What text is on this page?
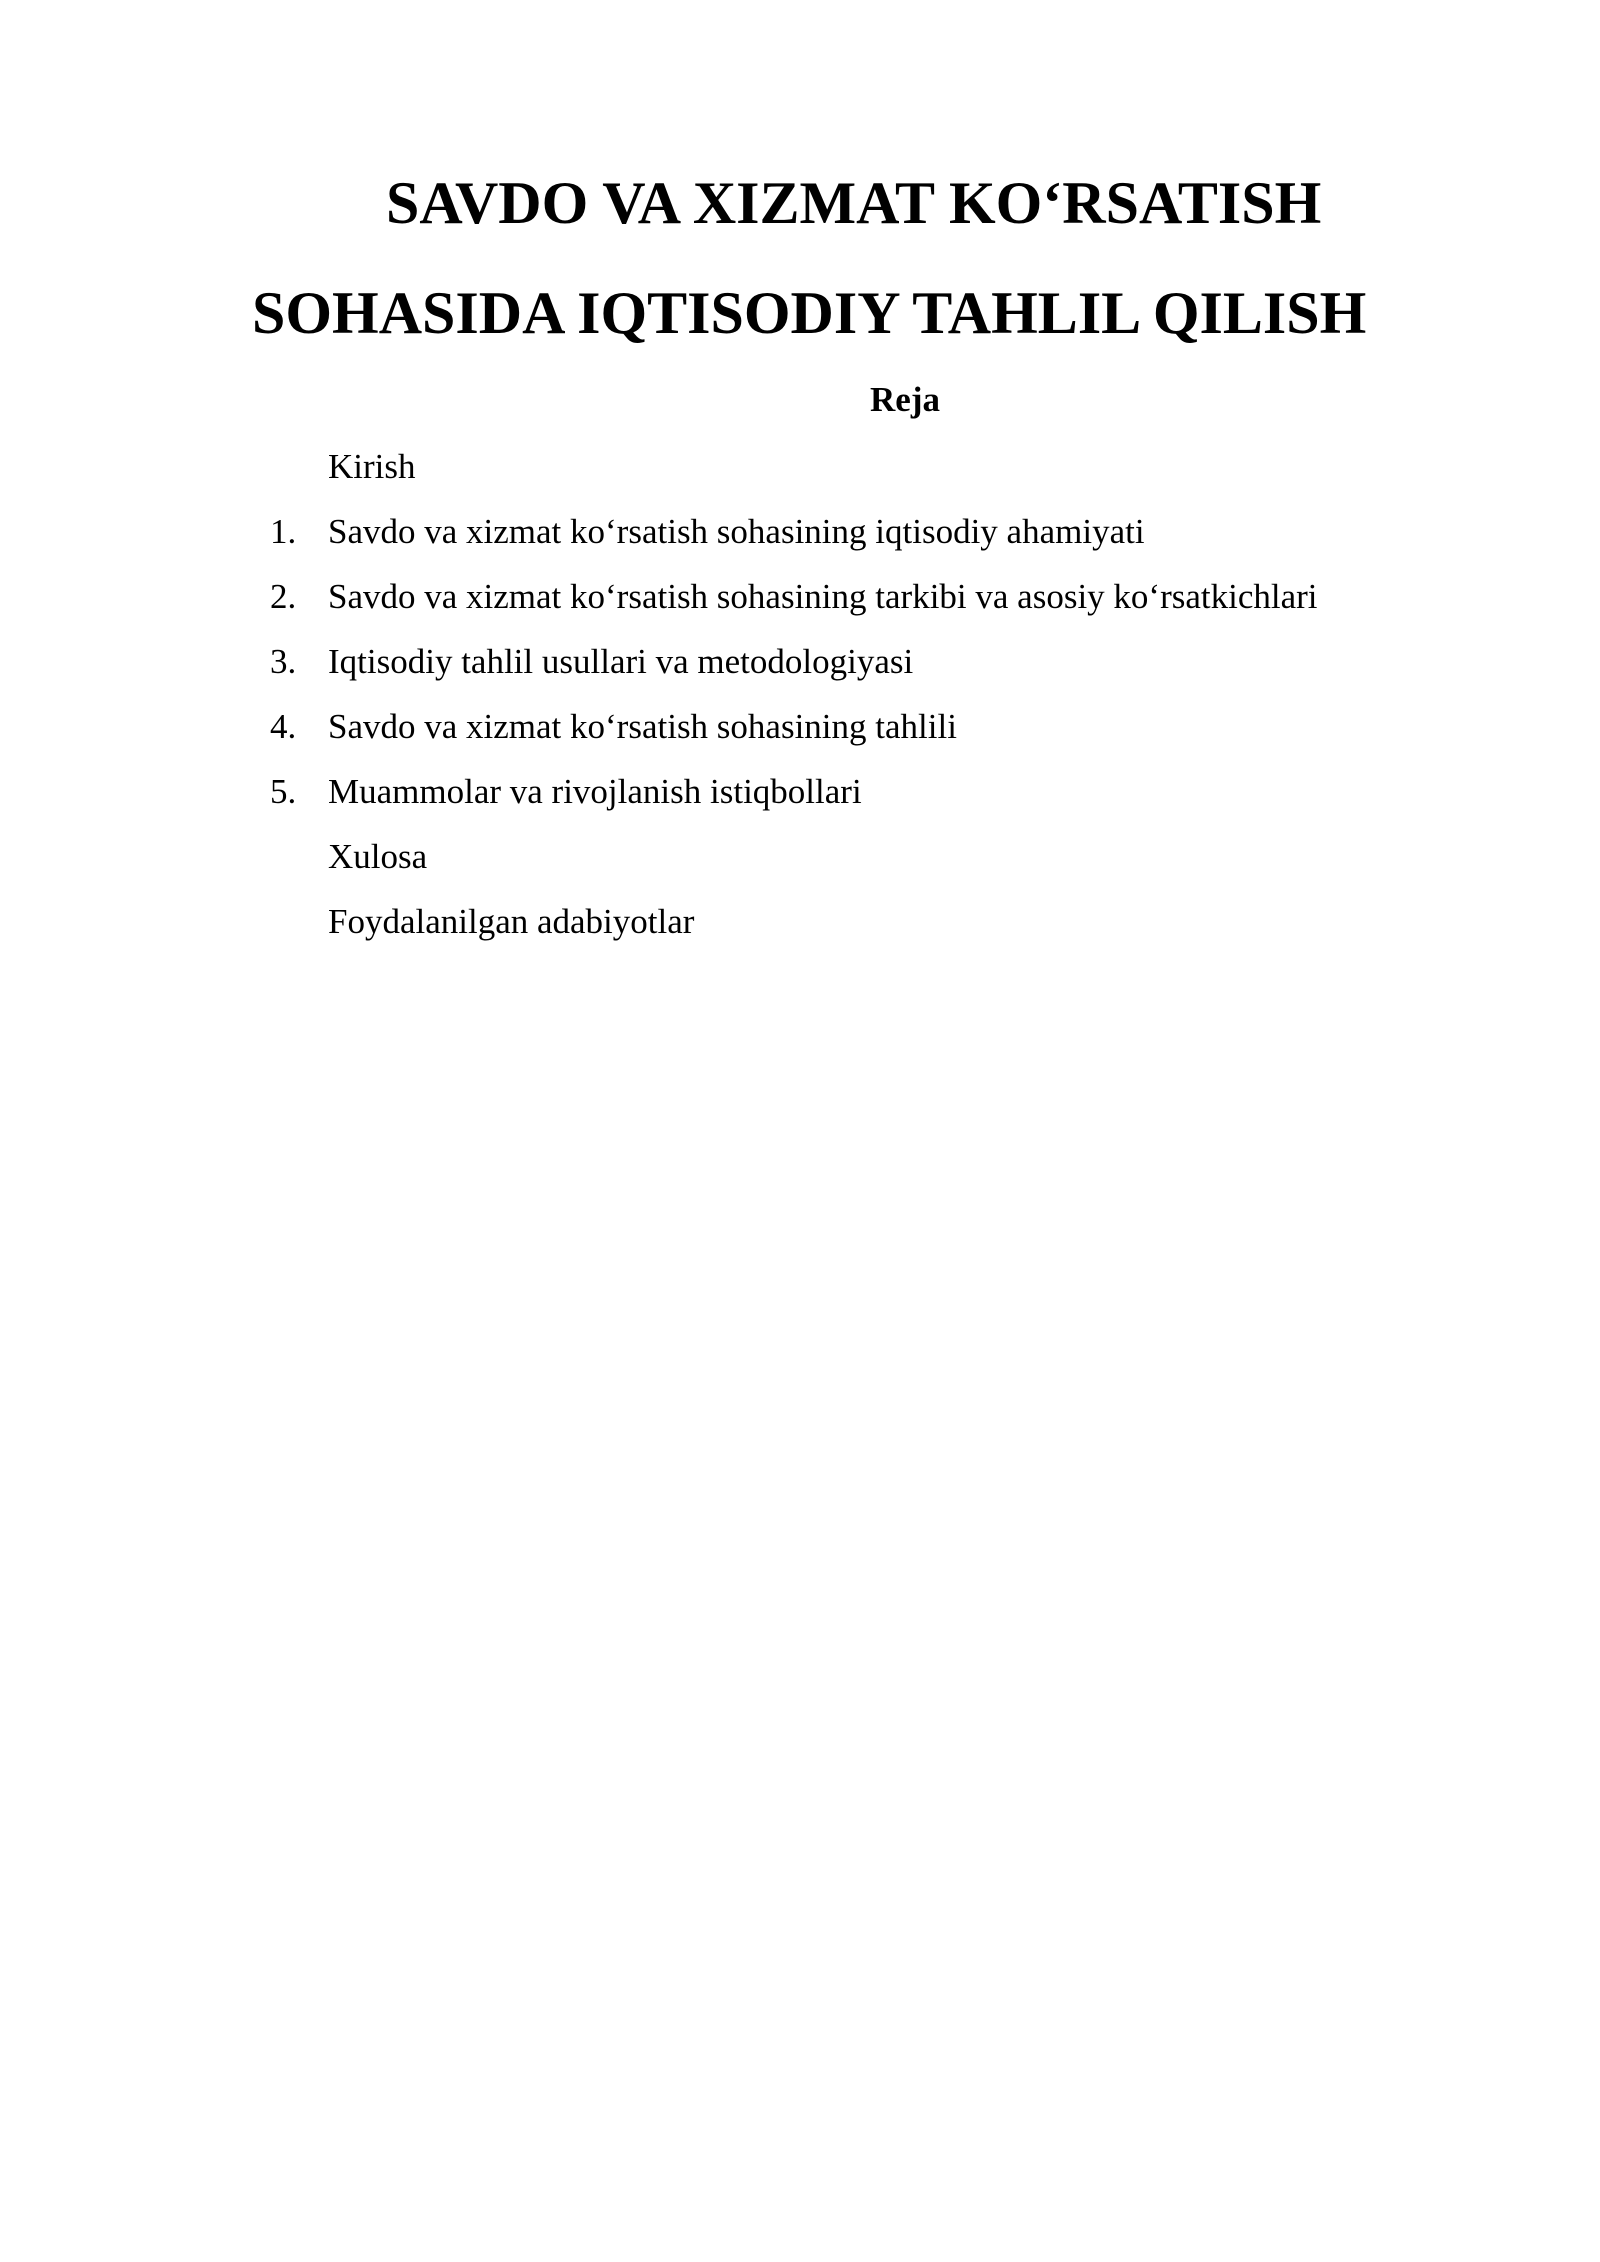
SAVDO VA XIZMAT KO‘RSATISH
SOHASIDA IQTISODIY TAHLIL QILISH
Reja
Kirish
1. Savdo va xizmat ko‘rsatish sohasining iqtisodiy ahamiyati
2. Savdo va xizmat ko‘rsatish sohasining tarkibi va asosiy ko‘rsatkichlari
3. Iqtisodiy tahlil usullari va metodologiyasi
4. Savdo va xizmat ko‘rsatish sohasining tahlili
5. Muammolar va rivojlanish istiqbollari
Xulosa
Foydalanilgan adabiyotlar
